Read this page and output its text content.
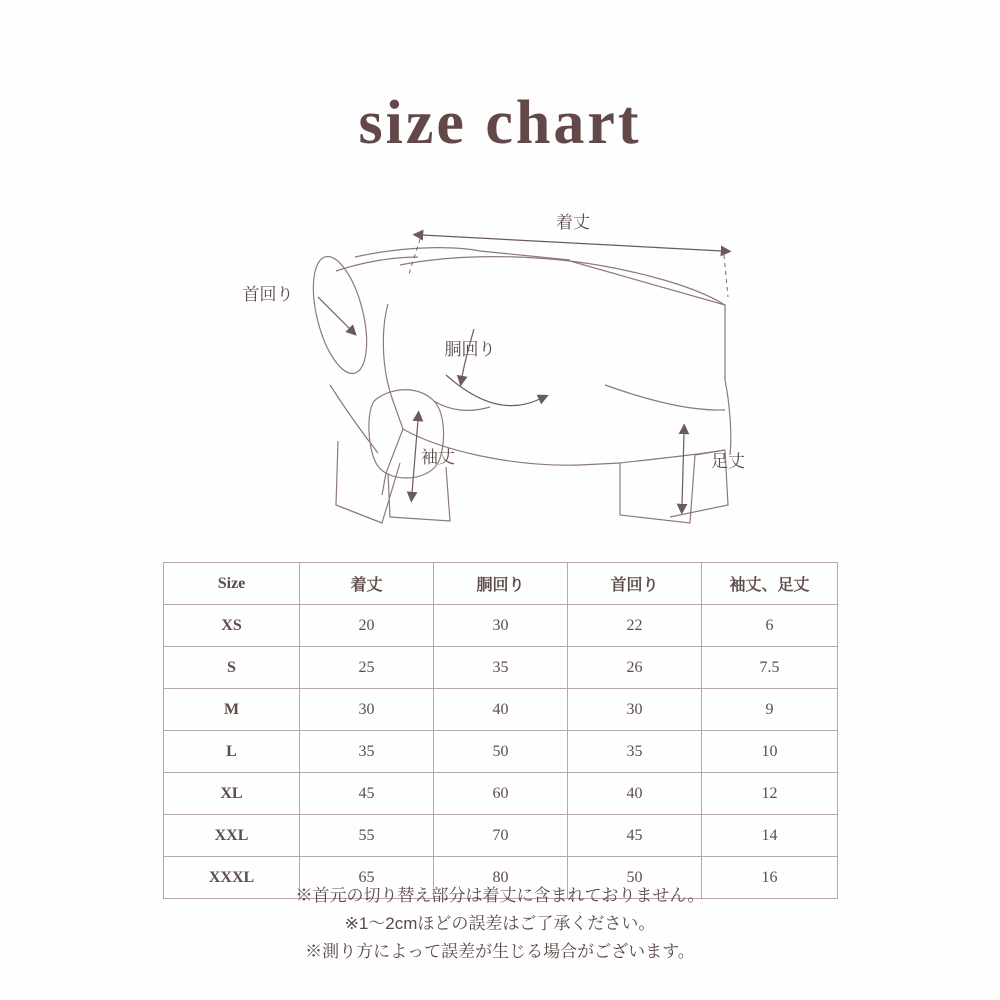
size chart
着丈
首回り
胴回り
袖丈	足丈
Size	着丈	胴回り	首回り	袖丈、足丈
XS	20	30	22	6
S	25	35	26	7.5
M	30	40	30	9
L	35	50	35	10
XL	45	60	40	12
XXL	55	70	45	14
XXXL	65	80	50	16
※首元の切り替え部分は着丈に含まれておりません。
※1〜2cmほどの誤差はご了承ください。
※測り方によって誤差が生じる場合がございます。
